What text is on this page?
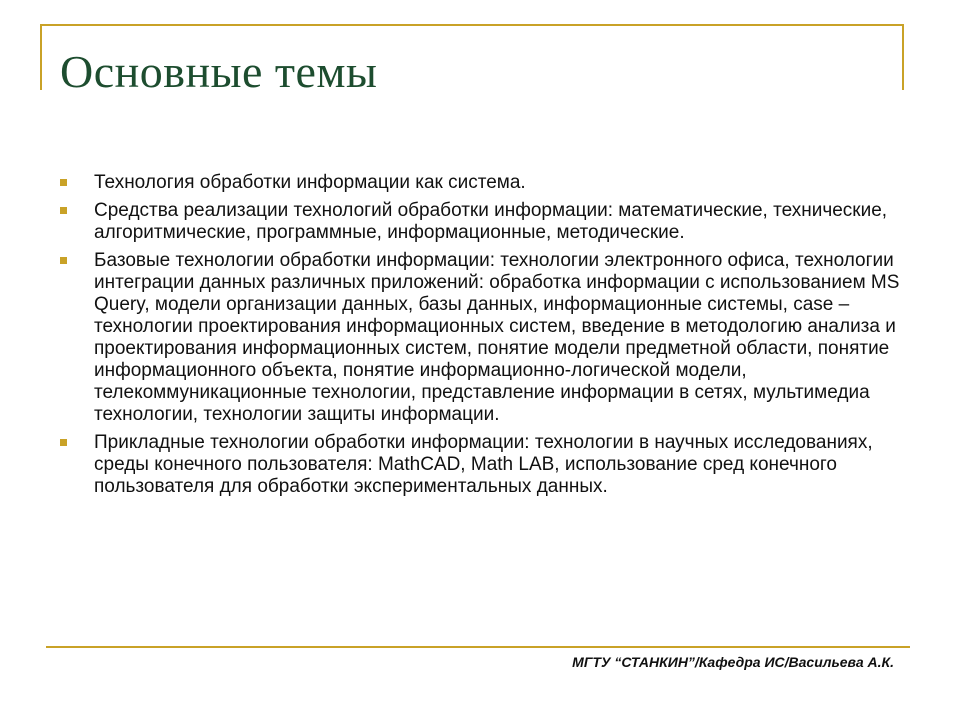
Основные темы
Технология обработки информации как система.
Средства реализации технологий обработки информации: математические, технические, алгоритмические, программные, информационные, методические.
Базовые технологии обработки информации: технологии электронного офиса, технологии интеграции данных различных приложений: обработка информации с использованием MS Query, модели организации данных, базы данных, информационные системы, case – технологии проектирования информационных систем, введение в методологию анализа и проектирования информационных систем, понятие модели предметной области, понятие информационного объекта, понятие информационно-логической модели, телекоммуникационные технологии, представление информации в сетях, мультимедиа технологии, технологии защиты информации.
Прикладные технологии обработки информации: технологии в научных исследованиях, среды конечного пользователя: MathCAD, Math LAB, использование сред конечного пользователя для обработки экспериментальных данных.
МГТУ “СТАНКИН”/Кафедра ИС/Васильева А.К.
